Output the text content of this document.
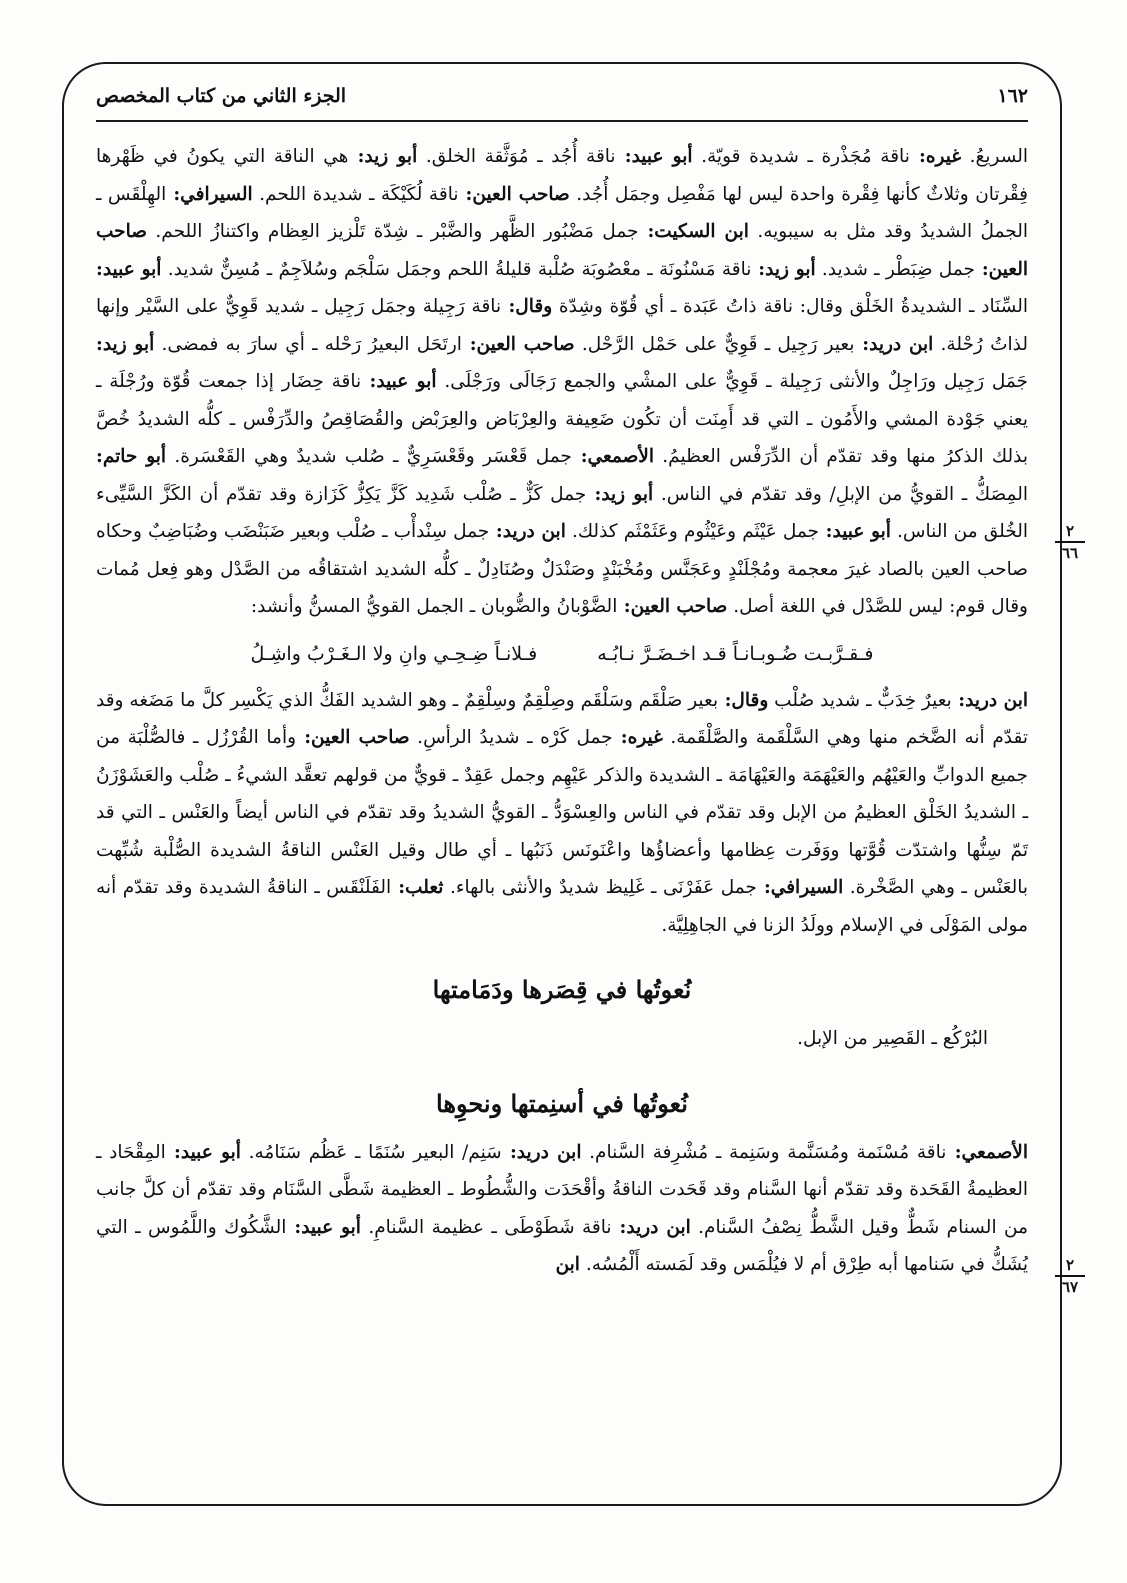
١٦٢
الجزء الثاني من كتاب المخصص
٢
٦٦
٢
٦٧

السريعُ. غيره: ناقة مُجَذْرة ـ شديدة قويّة. أبو عبيد: ناقة أُجُد ـ مُوَثَّقة الخلق. أبو زيد: هي الناقة التي يكونُ في ظَهْرها فِقْرتان وثلاثٌ كأنها فِقْرة واحدة ليس لها مَفْصِل وجمَل أُجُد. صاحب العين: ناقة لُكَيْكَة ـ شديدة اللحم. السيرافي: الهِلْقَس ـ الجملُ الشديدُ وقد مثل به سيبويه. ابن السكيت: جمل مَضْبُور الظَّهر والضَّبْر ـ شِدّة تَلْزيز العِظام واكتنازُ اللحم. صاحب العين: جمل ضِبَطْر ـ شديد. أبو زيد: ناقة مَسْنُونَة ـ معْصُوبَة صُلْبة قليلةُ اللحم وجمَل سَلْجَم وسُلاَجِمٌ ـ مُسِنٌّ شديد. أبو عبيد: السِّنَاد ـ الشديدةُ الخَلْق وقال: ناقة ذاتُ عَبَدة ـ أي قُوّة وشِدّة وقال: ناقة رَجِيلة وجمَل رَجِيل ـ شديد قَوِيٌّ على السَّيْر وإنها لذاتُ رُحْلة. ابن دريد: بعير رَجِيل ـ قَوِيٌّ على حَمْل الرَّحْل. صاحب العين: ارتَحَل البعيرُ رَحْله ـ أي سارَ به فمضى. أبو زيد: جَمَل رَجِيل ورَاجِلٌ والأنثى رَجِيلة ـ قَوِيٌّ على المشْي والجمع رَجَالَى ورَجْلَى. أبو عبيد: ناقة حِضَار إذا جمعت قُوّة ورُجْلَة ـ يعني جَوْدة المشي والأَمُون ـ التي قد أَمِنَت أن تكُون ضَعِيفة والعِرْبَاض والعِرَبْض والقُصَاقِصُ والدِّرَفْس ـ كلُّه الشديدُ خُصَّ بذلك الذكرُ منها وقد تقدّم أن الدِّرَفْس العظيمُ. الأصمعي: جمل قَعْسَر وقَعْسَرِيٌّ ـ صُلب شديدٌ وهي القَعْسَرة. أبو حاتم: المِصَكُّ ـ القويُّ من الإبلِ/ وقد تقدّم في الناس. أبو زيد: جمل كَزٌّ ـ صُلْب شَدِيد كَزَّ يَكِزُّ كَزَازة وقد تقدّم أن الكَزَّ السَّيِّىء الخُلق من الناس. أبو عبيد: جمل عَيْثَم وعَيْثُوم وعَثَمْثَم كذلك. ابن دريد: جمل سِنْدأْب ـ صُلْب وبعير ضَبَنْضَب وضُبَاضِبٌ وحكاه صاحب العين بالصاد غيرَ معجمة ومُجْلَنْدٍ وعَجَنَّس ومُخْبَنْدٍ وصَنْدَلٌ وصُنَادِلٌ ـ كلُّه الشديد اشتقاقُه من الصَّدْل وهو فِعل مُمات وقال قوم: ليس للصَّدْل في اللغة أصل. صاحب العين: الضَّوْبانُ والضُّوبان ـ الجمل القويُّ المسنُّ وأنشد:

فـقـرَّبـت ضُـوبـانـاً قـد اخـضَـرَّ نـابُـه
فـلانـاً ضِـحِـي وانِ ولا الـغَـرْبُ واشِـلُ

ابن دريد: بعيرٌ خِدَبٌّ ـ شديد صُلْب وقال: بعير صَلْقَم وسَلْقَم وصِلْقِمٌ وسِلْقِمٌ ـ وهو الشديد الفَكُّ الذي يَكْسِر كلَّ ما مَضَغه وقد تقدّم أنه الضَّخم منها وهي السَّلْقَمة والصَّلْقَمة. غيره: جمل كَرْه ـ شديدُ الرأسِ. صاحب العين: وأما القُرْزُل ـ فالصُّلْبَة من جميع الدوابِّ والعَيْهُم والعَيْهَمَة والعَيْهَامَة ـ الشديدة والذكر عَيْهِم وجمل عَقِدٌ ـ قويٌّ من قولهم تعقَّد الشيءُ ـ صُلْب والعَشَوْزَنُ ـ الشديدُ الخَلْق العظيمُ من الإبل وقد تقدّم في الناس والعِسْوَدُّ ـ القويُّ الشديدُ وقد تقدّم في الناس أيضاً والعَنْس ـ التي قد تَمّ سِنُّها واشتدّت قُوَّتها ووَفَرت عِظامها وأعضاؤُها واعْنَونَس ذَنَبُها ـ أي طال وقيل العَنْس الناقةُ الشديدة الصُّلْبة شُبِّهت بالعَنْس ـ وهي الصَّخْرة. السيرافي: جمل عَفَرْنَى ـ غَلِيظ شديدٌ والأنثى بالهاء. ثعلب: الفَلَنْقَس ـ الناقةُ الشديدة وقد تقدّم أنه مولى المَوْلَى في الإسلام وولَدُ الزنا في الجاهِلِيَّة.

نُعوتُها في قِصَرها ودَمَامتها
البُرْكُع ـ القَصِير من الإبل.
نُعوتُها في أسنِمتها ونحوِها

الأصمعي: ناقة مُسْنَمة ومُسَنَّمة وسَنِمة ـ مُشْرِفة السَّنام. ابن دريد: سَنِم/ البعير سُنَمًا ـ عَظُم سَنَامُه. أبو عبيد: المِقْحَاد ـ العظيمةُ القَحَدة وقد تقدّم أنها السَّنام وقد قَحَدت الناقةُ وأقْحَدَت والشُّطُوط ـ العظيمة شَطَّى السَّنَام وقد تقدّم أن كلَّ جانب من السنام شَطٌّ وقيل الشَّطُّ نِصْفُ السَّنام. ابن دريد: ناقة شَطَوْطَى ـ عظيمة السَّنامِ. أبو عبيد: الشَّكُوك واللَّمُوس ـ التي يُشَكُّ في سَنامها أبه طِرْق أم لا فيُلْمَس وقد لَمَسته أَلْمُسُه. ابن
